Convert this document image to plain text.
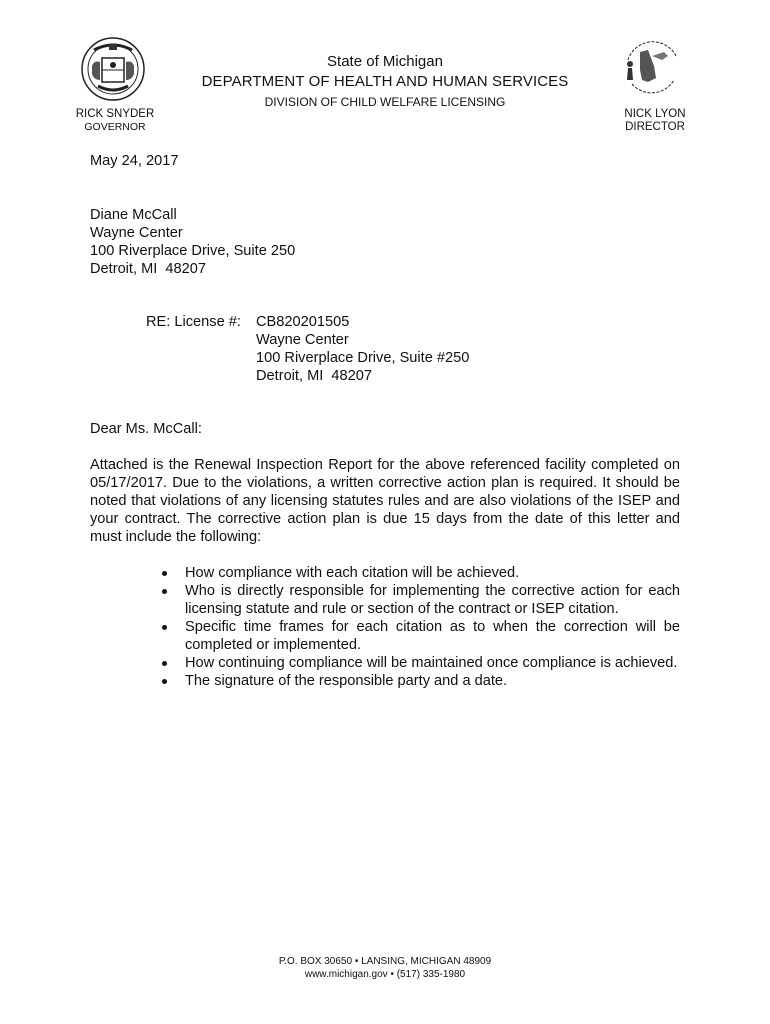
State of Michigan
DEPARTMENT OF HEALTH AND HUMAN SERVICES
DIVISION OF CHILD WELFARE LICENSING
RICK SNYDER
GOVERNOR
NICK LYON
DIRECTOR
May 24, 2017
Diane McCall
Wayne Center
100 Riverplace Drive, Suite 250
Detroit, MI  48207
RE: License #: CB820201505
Wayne Center
100 Riverplace Drive, Suite #250
Detroit, MI  48207
Dear Ms. McCall:
Attached is the Renewal Inspection Report for the above referenced facility completed on 05/17/2017. Due to the violations, a written corrective action plan is required. It should be noted that violations of any licensing statutes rules and are also violations of the ISEP and your contract. The corrective action plan is due 15 days from the date of this letter and must include the following:
How compliance with each citation will be achieved.
Who is directly responsible for implementing the corrective action for each licensing statute and rule or section of the contract or ISEP citation.
Specific time frames for each citation as to when the correction will be completed or implemented.
How continuing compliance will be maintained once compliance is achieved.
The signature of the responsible party and a date.
P.O. BOX 30650 • LANSING, MICHIGAN 48909
www.michigan.gov • (517) 335-1980
